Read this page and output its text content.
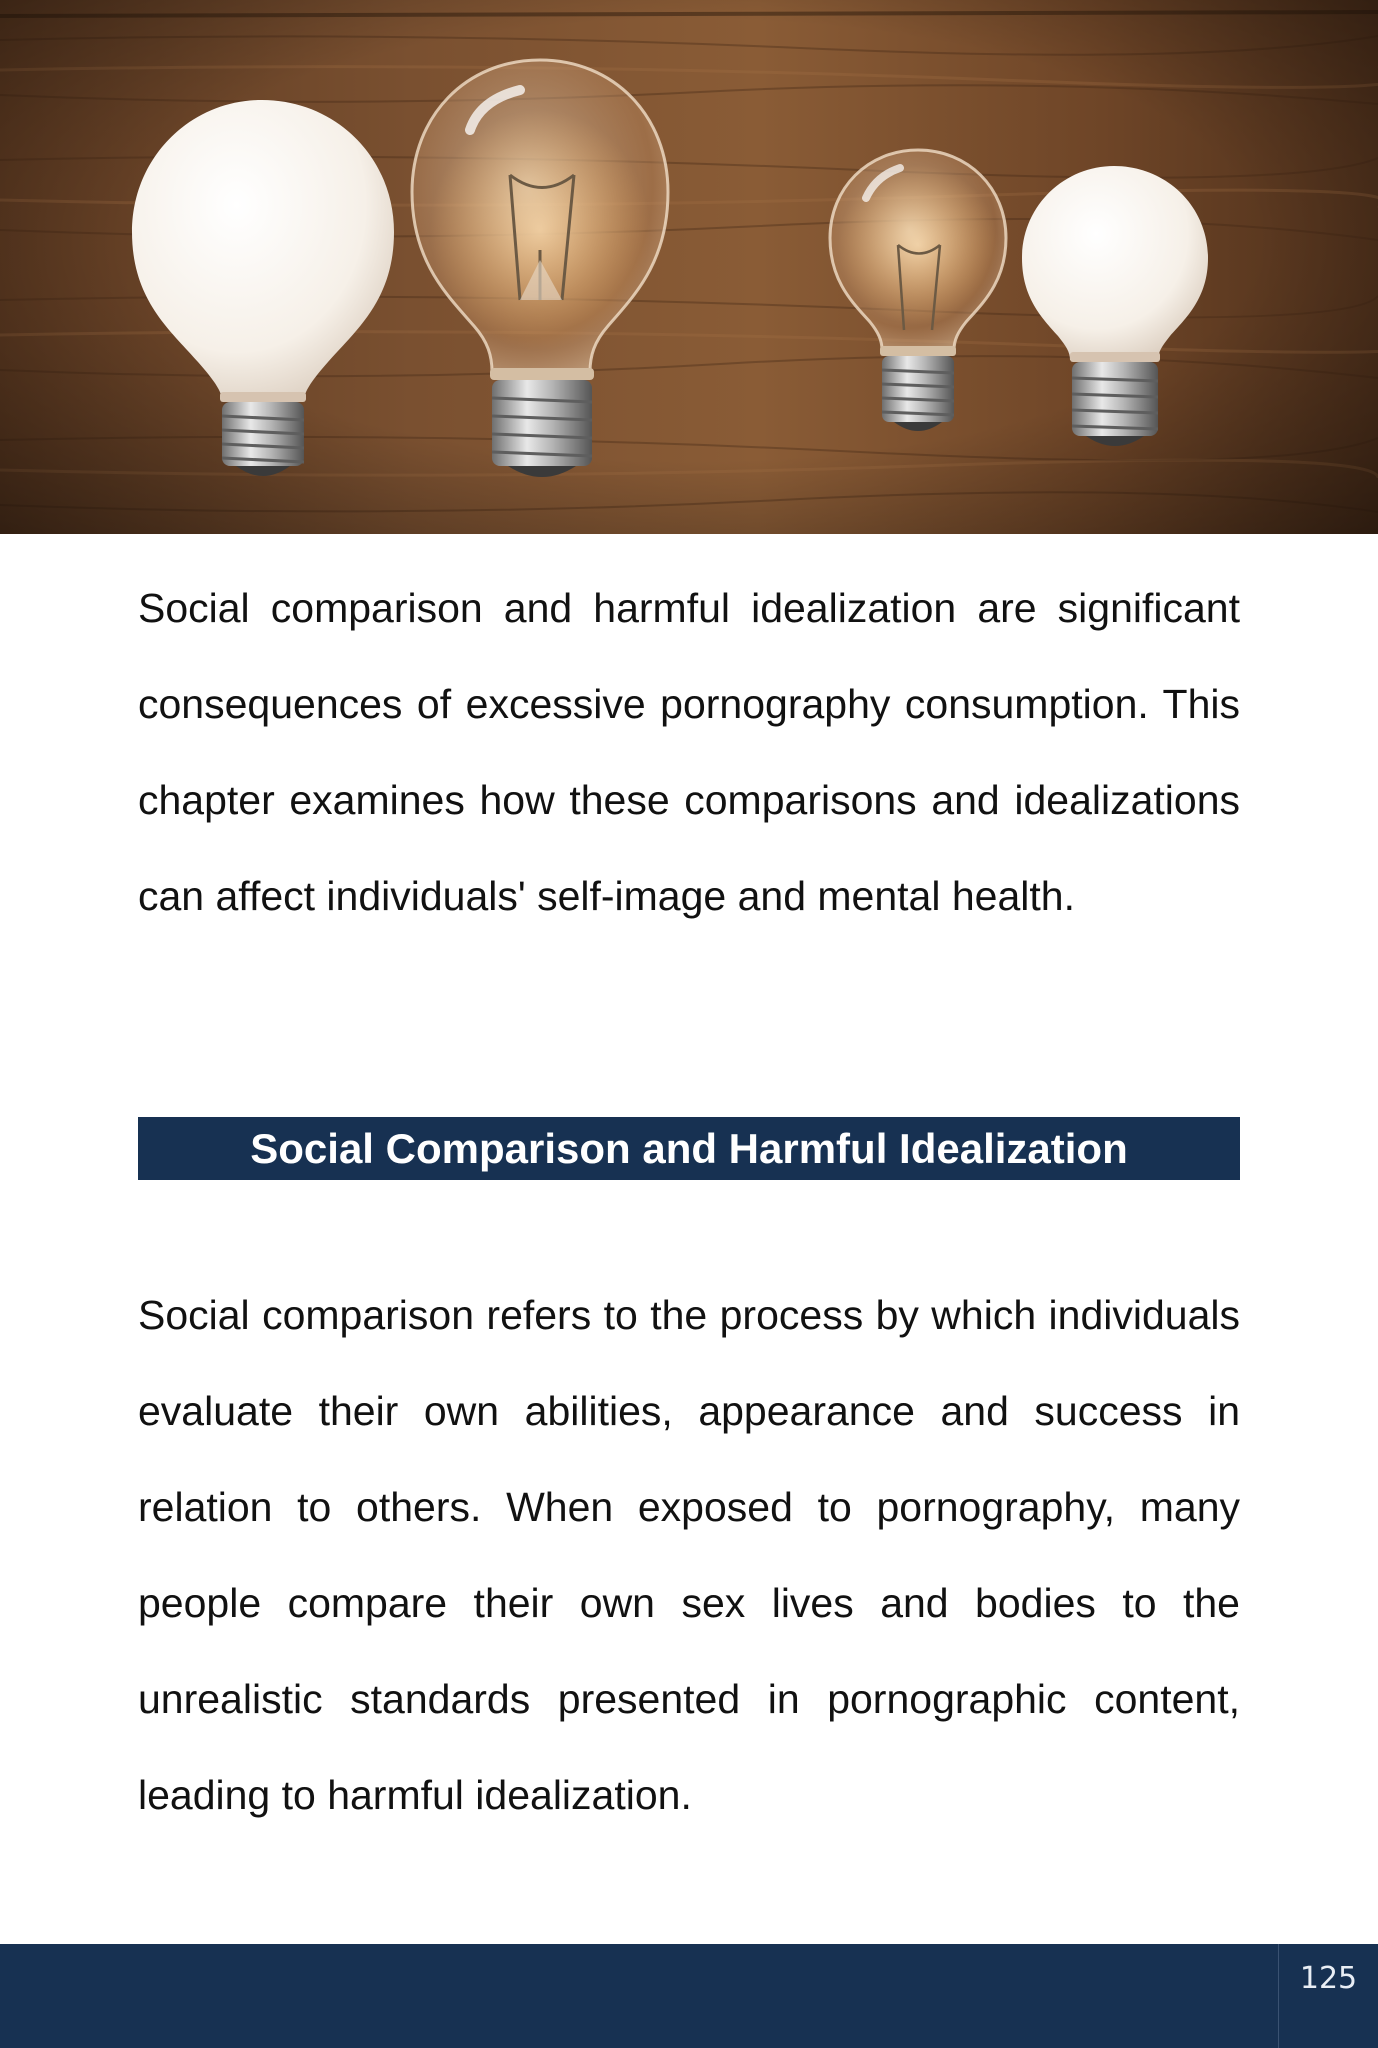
Social comparison and harmful idealization are significant consequences of excessive pornography consumption. This chapter examines how these comparisons and idealizations can affect individuals' self-image and mental health.

Social Comparison and Harmful Idealization

Social comparison refers to the process by which individuals evaluate their own abilities, appearance and success in relation to others. When exposed to pornography, many people compare their own sex lives and bodies to the unrealistic standards presented in pornographic content, leading to harmful idealization.

125
